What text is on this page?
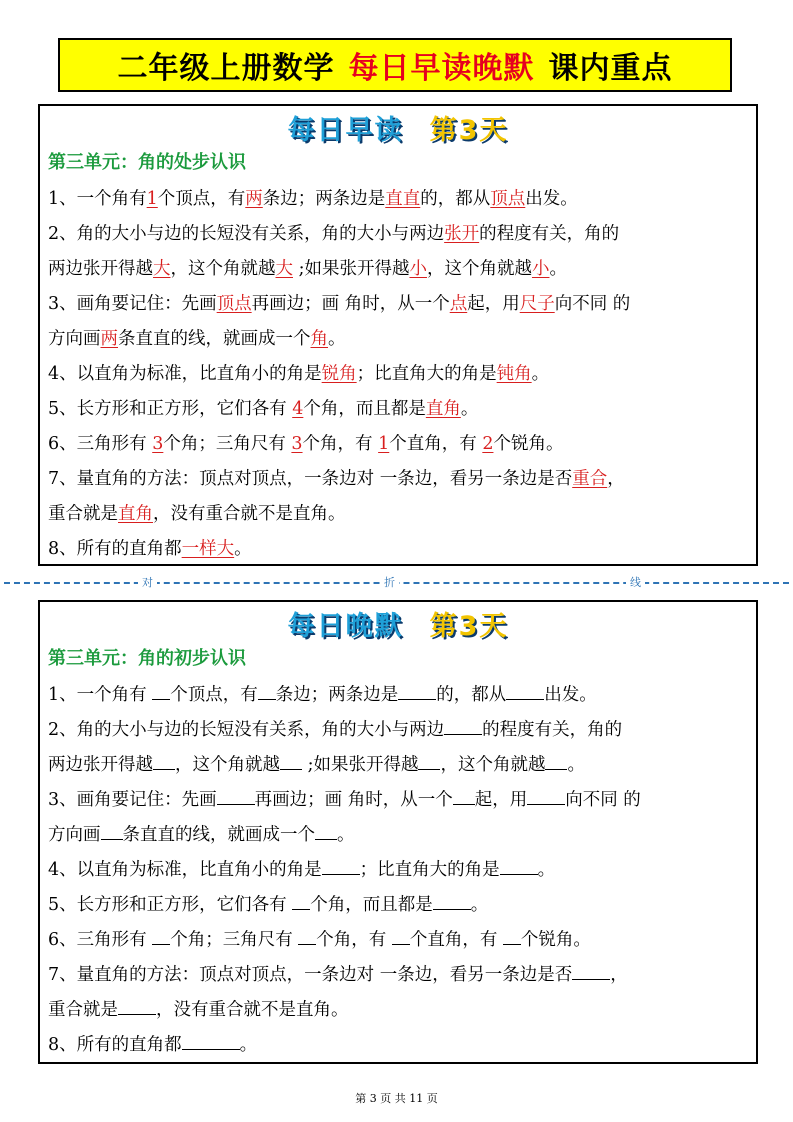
二年级上册数学 每日早读晚默 课内重点
每日早读 第3天
第三单元：角的处步认识
1、一个角有1个顶点，有两条边；两条边是直直的，都从顶点出发。
2、角的大小与边的长短没有关系，角的大小与两边张开的程度有关，角的
两边张开得越大，这个角就越大 ;如果张开得越小，这个角就越小。
3、画角要记住：先画顶点再画边；画 角时，从一个点起，用尺子向不同 的
方向画两条直直的线，就画成一个角。
4、以直角为标准，比直角小的角是锐角；比直角大的角是钝角。
5、长方形和正方形，它们各有 4个角，而且都是直角。
6、三角形有 3个角；三角尺有 3个角，有 1个直角，有 2个锐角。
7、量直角的方法：顶点对顶点，一条边对 一条边，看另一条边是否重合，
重合就是直角，没有重合就不是直角。
8、所有的直角都一样大。
对	折	线
每日晚默 第3天
第三单元：角的初步认识
1、一个角有 个顶点，有 条边；两条边是 的，都从 出发。
2、角的大小与边的长短没有关系，角的大小与两边 的程度有关，角的
两边张开得越 ，这个角就越 ;如果张开得越 ，这个角就越 。
3、画角要记住：先画 再画边；画 角时，从一个 起，用 向不同 的
方向画 条直直的线，就画成一个 。
4、以直角为标准，比直角小的角是 ；比直角大的角是 。
5、长方形和正方形，它们各有 个角，而且都是 。
6、三角形有 个角；三角尺有 个角，有 个直角，有 个锐角。
7、量直角的方法：顶点对顶点，一条边对 一条边，看另一条边是否 ，
重合就是 ，没有重合就不是直角。
8、所有的直角都	。
第 3 页 共 11 页
